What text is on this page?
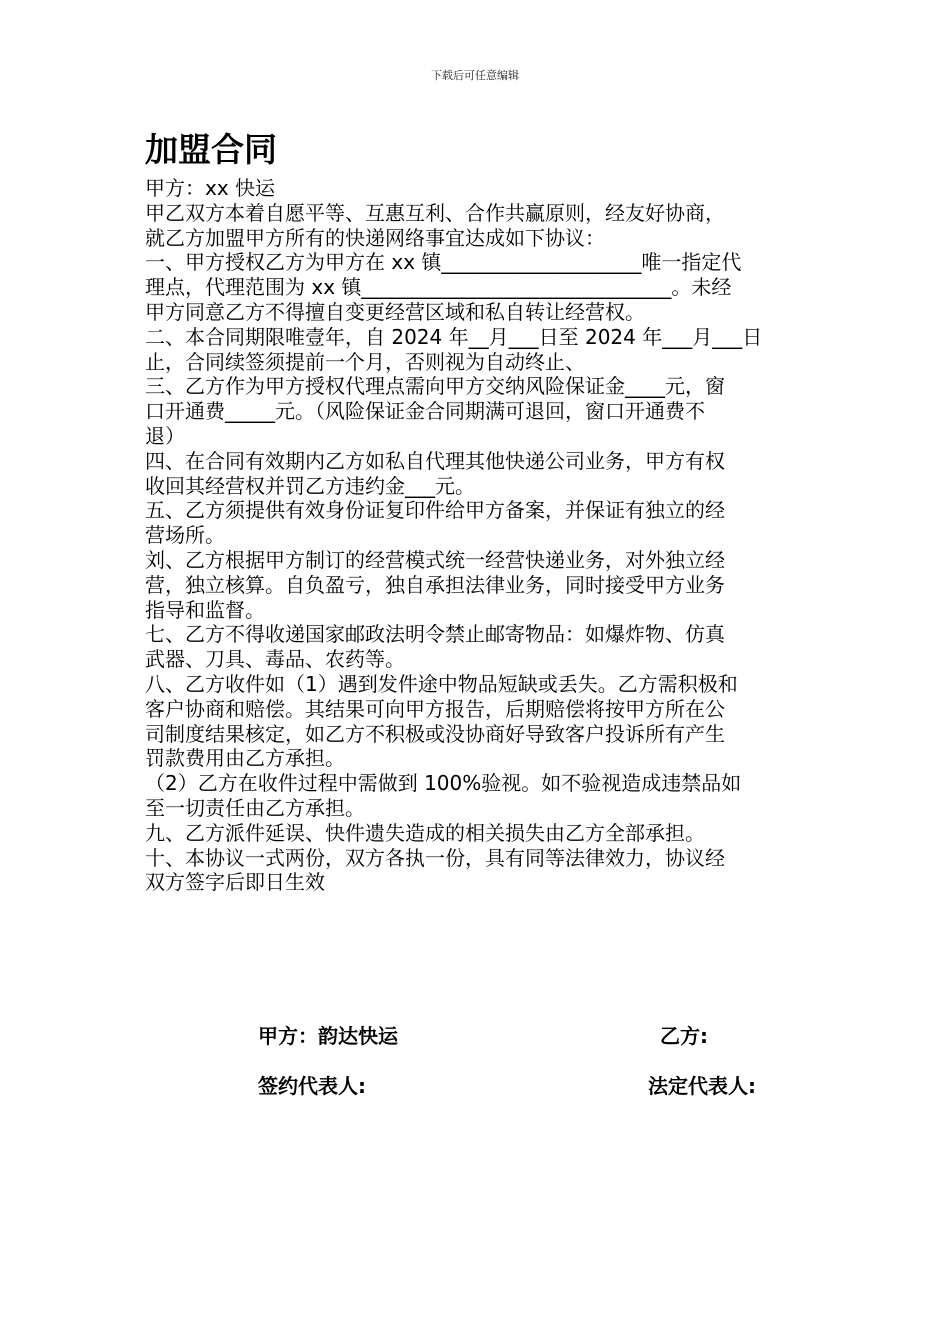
下载后可任意编辑
加盟合同
甲方：xx 快运
甲乙双方本着自愿平等、互惠互利、合作共赢原则，经友好协商，
就乙方加盟甲方所有的快递网络事宜达成如下协议：
一、甲方授权乙方为甲方在 xx 镇____________________唯一指定代
理点，代理范围为 xx 镇_______________________________。未经
甲方同意乙方不得擅自变更经营区域和私自转让经营权。
二、本合同期限唯壹年，自 2024 年__月___日至 2024 年___月___日
止，合同续签须提前一个月，否则视为自动终止、
三、乙方作为甲方授权代理点需向甲方交纳风险保证金____元，窗
口开通费_____元。（风险保证金合同期满可退回，窗口开通费不
退）
四、在合同有效期内乙方如私自代理其他快递公司业务，甲方有权
收回其经营权并罚乙方违约金___元。
五、乙方须提供有效身份证复印件给甲方备案，并保证有独立的经
营场所。
刘、乙方根据甲方制订的经营模式统一经营快递业务，对外独立经
营，独立核算。自负盈亏，独自承担法律业务，同时接受甲方业务
指导和监督。
七、乙方不得收递国家邮政法明令禁止邮寄物品：如爆炸物、仿真
武器、刀具、毒品、农药等。
八、乙方收件如（1）遇到发件途中物品短缺或丢失。乙方需积极和
客户协商和赔偿。其结果可向甲方报告，后期赔偿将按甲方所在公
司制度结果核定，如乙方不积极或没协商好导致客户投诉所有产生
罚款费用由乙方承担。
（2）乙方在收件过程中需做到 100%验视。如不验视造成违禁品如
至一切责任由乙方承担。
九、乙方派件延误、快件遗失造成的相关损失由乙方全部承担。
十、本协议一式两份，双方各执一份，具有同等法律效力，协议经
双方签字后即日生效
甲方：韵达快运	乙方:
签约代表人:	法定代表人:
